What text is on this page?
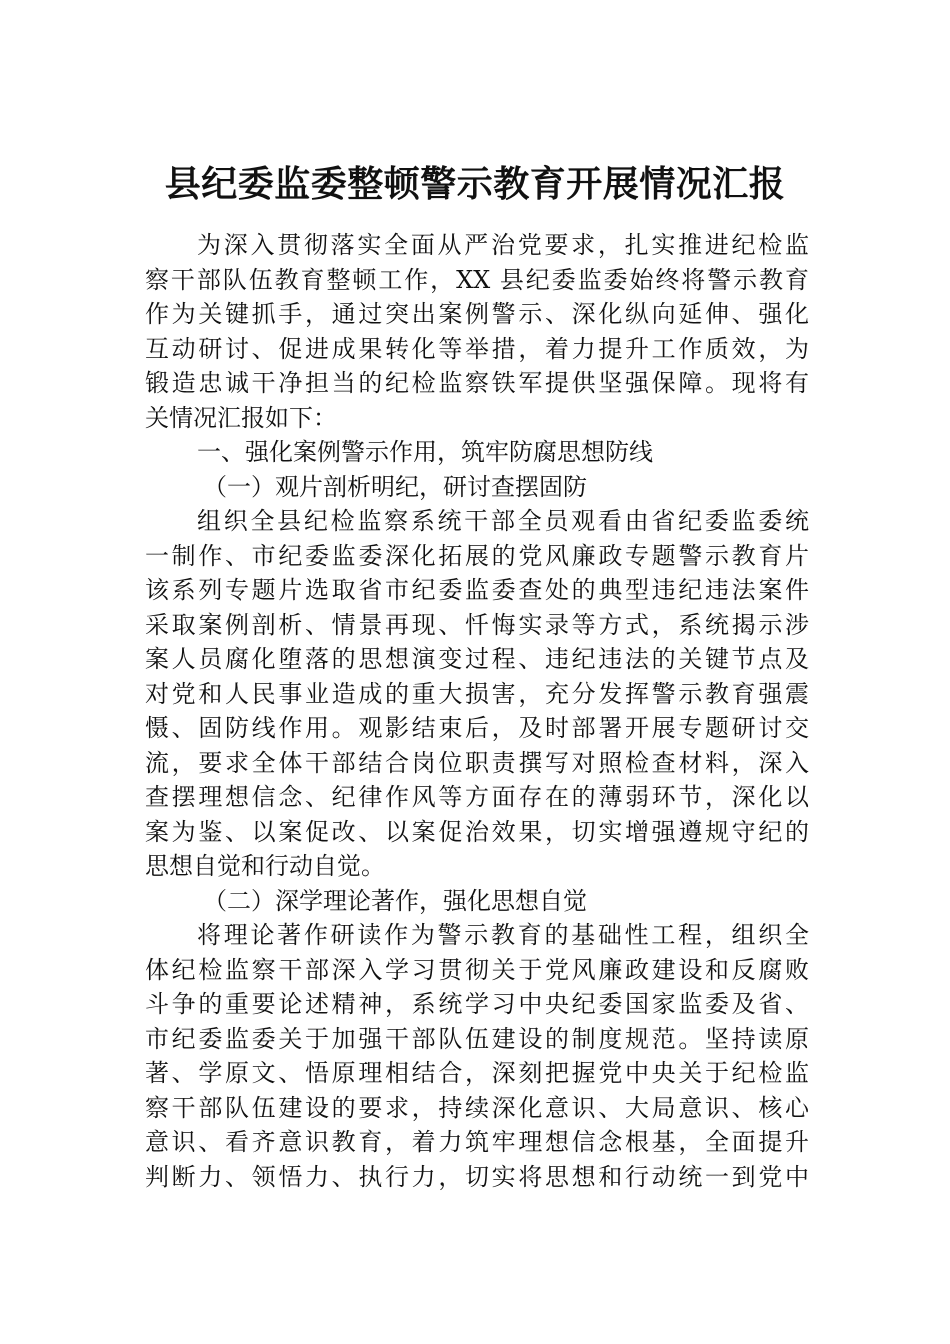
县纪委监委整顿警示教育开展情况汇报
为深入贯彻落实全面从严治党要求，扎实推进纪检监
察干部队伍教育整顿工作，XX 县纪委监委始终将警示教育
作为关键抓手，通过突出案例警示、深化纵向延伸、强化
互动研讨、促进成果转化等举措，着力提升工作质效，为
锻造忠诚干净担当的纪检监察铁军提供坚强保障。现将有
关情况汇报如下：
一、强化案例警示作用，筑牢防腐思想防线
（一）观片剖析明纪，研讨查摆固防
组织全县纪检监察系统干部全员观看由省纪委监委统
一制作、市纪委监委深化拓展的党风廉政专题警示教育片
该系列专题片选取省市纪委监委查处的典型违纪违法案件
采取案例剖析、情景再现、忏悔实录等方式，系统揭示涉
案人员腐化堕落的思想演变过程、违纪违法的关键节点及
对党和人民事业造成的重大损害，充分发挥警示教育强震
慑、固防线作用。观影结束后，及时部署开展专题研讨交
流，要求全体干部结合岗位职责撰写对照检查材料，深入
查摆理想信念、纪律作风等方面存在的薄弱环节，深化以
案为鉴、以案促改、以案促治效果，切实增强遵规守纪的
思想自觉和行动自觉。
（二）深学理论著作，强化思想自觉
将理论著作研读作为警示教育的基础性工程，组织全
体纪检监察干部深入学习贯彻关于党风廉政建设和反腐败
斗争的重要论述精神，系统学习中央纪委国家监委及省、
市纪委监委关于加强干部队伍建设的制度规范。坚持读原
著、学原文、悟原理相结合，深刻把握党中央关于纪检监
察干部队伍建设的要求，持续深化意识、大局意识、核心
意识、看齐意识教育，着力筑牢理想信念根基，全面提升
判断力、领悟力、执行力，切实将思想和行动统一到党中
